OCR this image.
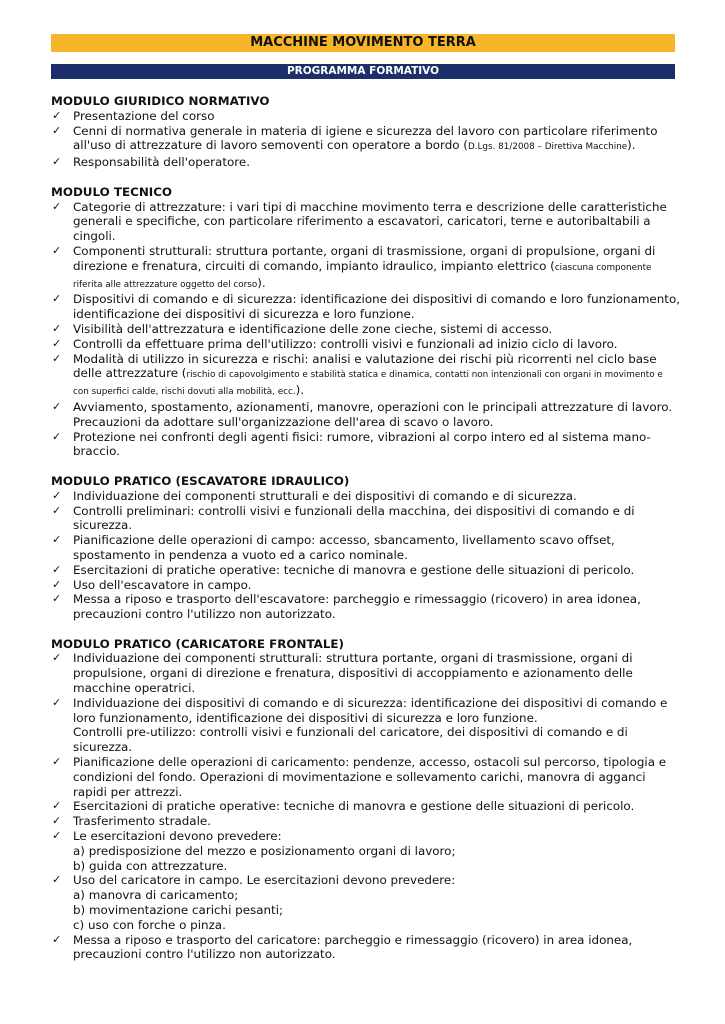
MACCHINE MOVIMENTO TERRA
PROGRAMMA FORMATIVO
MODULO GIURIDICO NORMATIVO
✓ Presentazione del corso
✓ Cenni di normativa generale in materia di igiene e sicurezza del lavoro con particolare riferimento all'uso di attrezzature di lavoro semoventi con operatore a bordo (D.Lgs. 81/2008 – Direttiva Macchine).
✓ Responsabilità dell'operatore.
MODULO TECNICO
✓ Categorie di attrezzature: i vari tipi di macchine movimento terra e descrizione delle caratteristiche generali e specifiche, con particolare riferimento a escavatori, caricatori, terne e autoribaltabili a cingoli.
✓ Componenti strutturali: struttura portante, organi di trasmissione, organi di propulsione, organi di direzione e frenatura, circuiti di comando, impianto idraulico, impianto elettrico (ciascuna componente riferita alle attrezzature oggetto del corso).
✓ Dispositivi di comando e di sicurezza: identificazione dei dispositivi di comando e loro funzionamento, identificazione dei dispositivi di sicurezza e loro funzione.
✓ Visibilità dell'attrezzatura e identificazione delle zone cieche, sistemi di accesso.
✓ Controlli da effettuare prima dell'utilizzo: controlli visivi e funzionali ad inizio ciclo di lavoro.
✓ Modalità di utilizzo in sicurezza e rischi: analisi e valutazione dei rischi più ricorrenti nel ciclo base delle attrezzature (rischio di capovolgimento e stabilità statica e dinamica, contatti non intenzionali con organi in movimento e con superfici calde, rischi dovuti alla mobilità, ecc.).
✓ Avviamento, spostamento, azionamenti, manovre, operazioni con le principali attrezzature di lavoro. Precauzioni da adottare sull'organizzazione dell'area di scavo o lavoro.
✓ Protezione nei confronti degli agenti fisici: rumore, vibrazioni al corpo intero ed al sistema mano-braccio.
MODULO PRATICO (ESCAVATORE IDRAULICO)
✓ Individuazione dei componenti strutturali e dei dispositivi di comando e di sicurezza.
✓ Controlli preliminari: controlli visivi e funzionali della macchina, dei dispositivi di comando e di sicurezza.
✓ Pianificazione delle operazioni di campo: accesso, sbancamento, livellamento scavo offset, spostamento in pendenza a vuoto ed a carico nominale.
✓ Esercitazioni di pratiche operative: tecniche di manovra e gestione delle situazioni di pericolo.
✓ Uso dell'escavatore in campo.
✓ Messa a riposo e trasporto dell'escavatore: parcheggio e rimessaggio (ricovero) in area idonea, precauzioni contro l'utilizzo non autorizzato.
MODULO PRATICO (CARICATORE FRONTALE)
✓ Individuazione dei componenti strutturali: struttura portante, organi di trasmissione, organi di propulsione, organi di direzione e frenatura, dispositivi di accoppiamento e azionamento delle macchine operatrici.
✓ Individuazione dei dispositivi di comando e di sicurezza: identificazione dei dispositivi di comando e loro funzionamento, identificazione dei dispositivi di sicurezza e loro funzione.
Controlli pre-utilizzo: controlli visivi e funzionali del caricatore, dei dispositivi di comando e di sicurezza.
✓ Pianificazione delle operazioni di caricamento: pendenze, accesso, ostacoli sul percorso, tipologia e condizioni del fondo. Operazioni di movimentazione e sollevamento carichi, manovra di agganci rapidi per attrezzi.
✓ Esercitazioni di pratiche operative: tecniche di manovra e gestione delle situazioni di pericolo.
✓ Trasferimento stradale.
✓ Le esercitazioni devono prevedere:
a) predisposizione del mezzo e posizionamento organi di lavoro;
b) guida con attrezzature.
✓ Uso del caricatore in campo. Le esercitazioni devono prevedere:
a) manovra di caricamento;
b) movimentazione carichi pesanti;
c) uso con forche o pinza.
✓ Messa a riposo e trasporto del caricatore: parcheggio e rimessaggio (ricovero) in area idonea, precauzioni contro l'utilizzo non autorizzato.
